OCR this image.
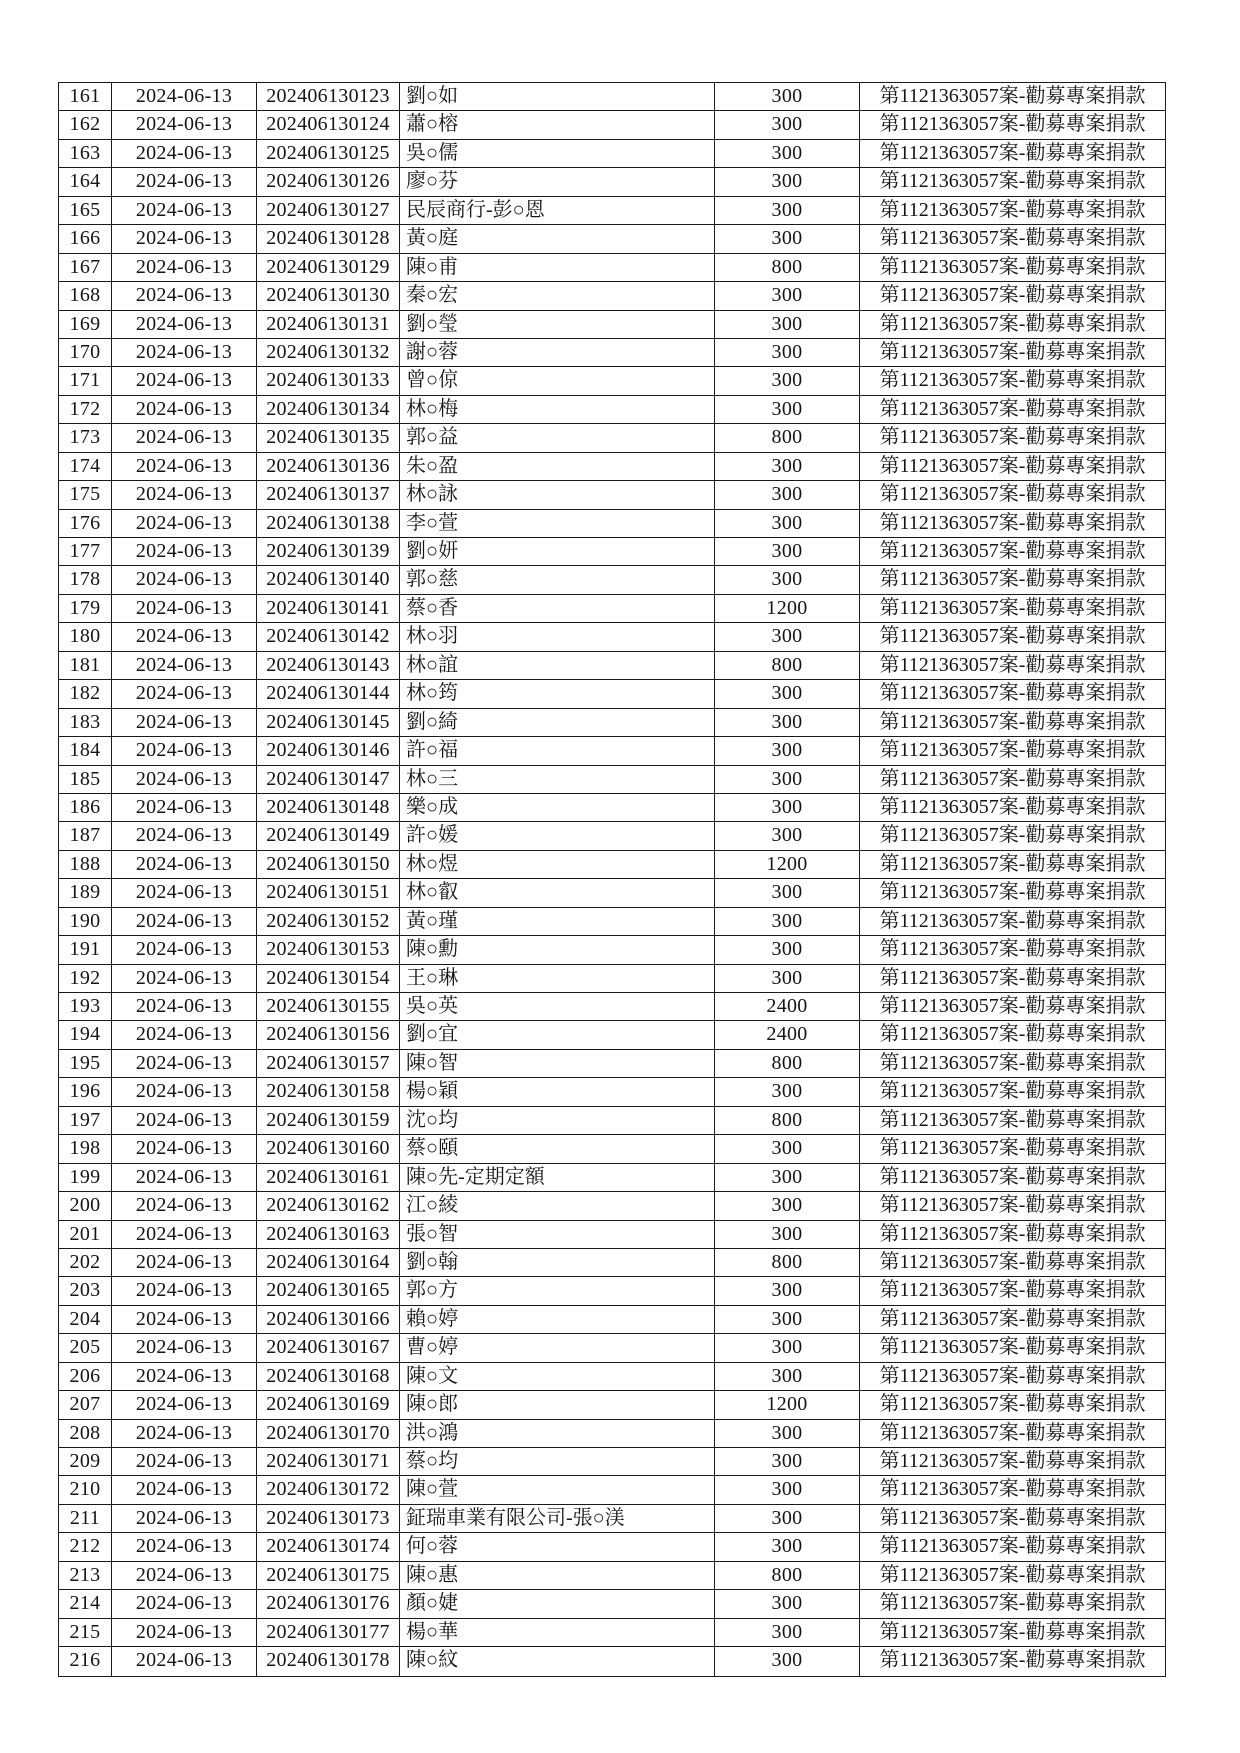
161	2024-06-13	202406130123 劉○如	300	第1121363057案-勸募專案捐款
162	2024-06-13	202406130124 蕭○榕	300	第1121363057案-勸募專案捐款
163	2024-06-13	202406130125 吳○儒	300	第1121363057案-勸募專案捐款
164	2024-06-13	202406130126 廖○芬	300	第1121363057案-勸募專案捐款
165	2024-06-13	202406130127 民辰商行-彭○恩	300	第1121363057案-勸募專案捐款
166	2024-06-13	202406130128 黃○庭	300	第1121363057案-勸募專案捐款
167	2024-06-13	202406130129 陳○甫	800	第1121363057案-勸募專案捐款
168	2024-06-13	202406130130 秦○宏	300	第1121363057案-勸募專案捐款
169	2024-06-13	202406130131 劉○瑩	300	第1121363057案-勸募專案捐款
170	2024-06-13	202406130132 謝○蓉	300	第1121363057案-勸募專案捐款
171	2024-06-13	202406130133 曾○倞	300	第1121363057案-勸募專案捐款
172	2024-06-13	202406130134 林○梅	300	第1121363057案-勸募專案捐款
173	2024-06-13	202406130135 郭○益	800	第1121363057案-勸募專案捐款
174	2024-06-13	202406130136 朱○盈	300	第1121363057案-勸募專案捐款
175	2024-06-13	202406130137 林○詠	300	第1121363057案-勸募專案捐款
176	2024-06-13	202406130138 李○萱	300	第1121363057案-勸募專案捐款
177	2024-06-13	202406130139 劉○妍	300	第1121363057案-勸募專案捐款
178	2024-06-13	202406130140 郭○慈	300	第1121363057案-勸募專案捐款
179	2024-06-13	202406130141 蔡○香	1200	第1121363057案-勸募專案捐款
180	2024-06-13	202406130142 林○羽	300	第1121363057案-勸募專案捐款
181	2024-06-13	202406130143 林○誼	800	第1121363057案-勸募專案捐款
182	2024-06-13	202406130144 林○筠	300	第1121363057案-勸募專案捐款
183	2024-06-13	202406130145 劉○綺	300	第1121363057案-勸募專案捐款
184	2024-06-13	202406130146 許○福	300	第1121363057案-勸募專案捐款
185	2024-06-13	202406130147 林○三	300	第1121363057案-勸募專案捐款
186	2024-06-13	202406130148 樂○成	300	第1121363057案-勸募專案捐款
187	2024-06-13	202406130149 許○媛	300	第1121363057案-勸募專案捐款
188	2024-06-13	202406130150 林○煜	1200	第1121363057案-勸募專案捐款
189	2024-06-13	202406130151 林○叡	300	第1121363057案-勸募專案捐款
190	2024-06-13	202406130152 黃○瑾	300	第1121363057案-勸募專案捐款
191	2024-06-13	202406130153 陳○勳	300	第1121363057案-勸募專案捐款
192	2024-06-13	202406130154 王○琳	300	第1121363057案-勸募專案捐款
193	2024-06-13	202406130155 吳○英	2400	第1121363057案-勸募專案捐款
194	2024-06-13	202406130156 劉○宜	2400	第1121363057案-勸募專案捐款
195	2024-06-13	202406130157 陳○智	800	第1121363057案-勸募專案捐款
196	2024-06-13	202406130158 楊○穎	300	第1121363057案-勸募專案捐款
197	2024-06-13	202406130159 沈○均	800	第1121363057案-勸募專案捐款
198	2024-06-13	202406130160 蔡○頤	300	第1121363057案-勸募專案捐款
199	2024-06-13	202406130161 陳○先-定期定額	300	第1121363057案-勸募專案捐款
200	2024-06-13	202406130162 江○綾	300	第1121363057案-勸募專案捐款
201	2024-06-13	202406130163 張○智	300	第1121363057案-勸募專案捐款
202	2024-06-13	202406130164 劉○翰	800	第1121363057案-勸募專案捐款
203	2024-06-13	202406130165 郭○方	300	第1121363057案-勸募專案捐款
204	2024-06-13	202406130166 賴○婷	300	第1121363057案-勸募專案捐款
205	2024-06-13	202406130167 曹○婷	300	第1121363057案-勸募專案捐款
206	2024-06-13	202406130168 陳○文	300	第1121363057案-勸募專案捐款
207	2024-06-13	202406130169 陳○郎	1200	第1121363057案-勸募專案捐款
208	2024-06-13	202406130170 洪○鴻	300	第1121363057案-勸募專案捐款
209	2024-06-13	202406130171 蔡○均	300	第1121363057案-勸募專案捐款
210	2024-06-13	202406130172 陳○萱	300	第1121363057案-勸募專案捐款
211	2024-06-13	202406130173 鉦瑞車業有限公司-張○渼	300	第1121363057案-勸募專案捐款
212	2024-06-13	202406130174 何○蓉	300	第1121363057案-勸募專案捐款
213	2024-06-13	202406130175 陳○惠	800	第1121363057案-勸募專案捐款
214	2024-06-13	202406130176 顏○婕	300	第1121363057案-勸募專案捐款
215	2024-06-13	202406130177 楊○華	300	第1121363057案-勸募專案捐款
216	2024-06-13	202406130178 陳○紋	300	第1121363057案-勸募專案捐款
